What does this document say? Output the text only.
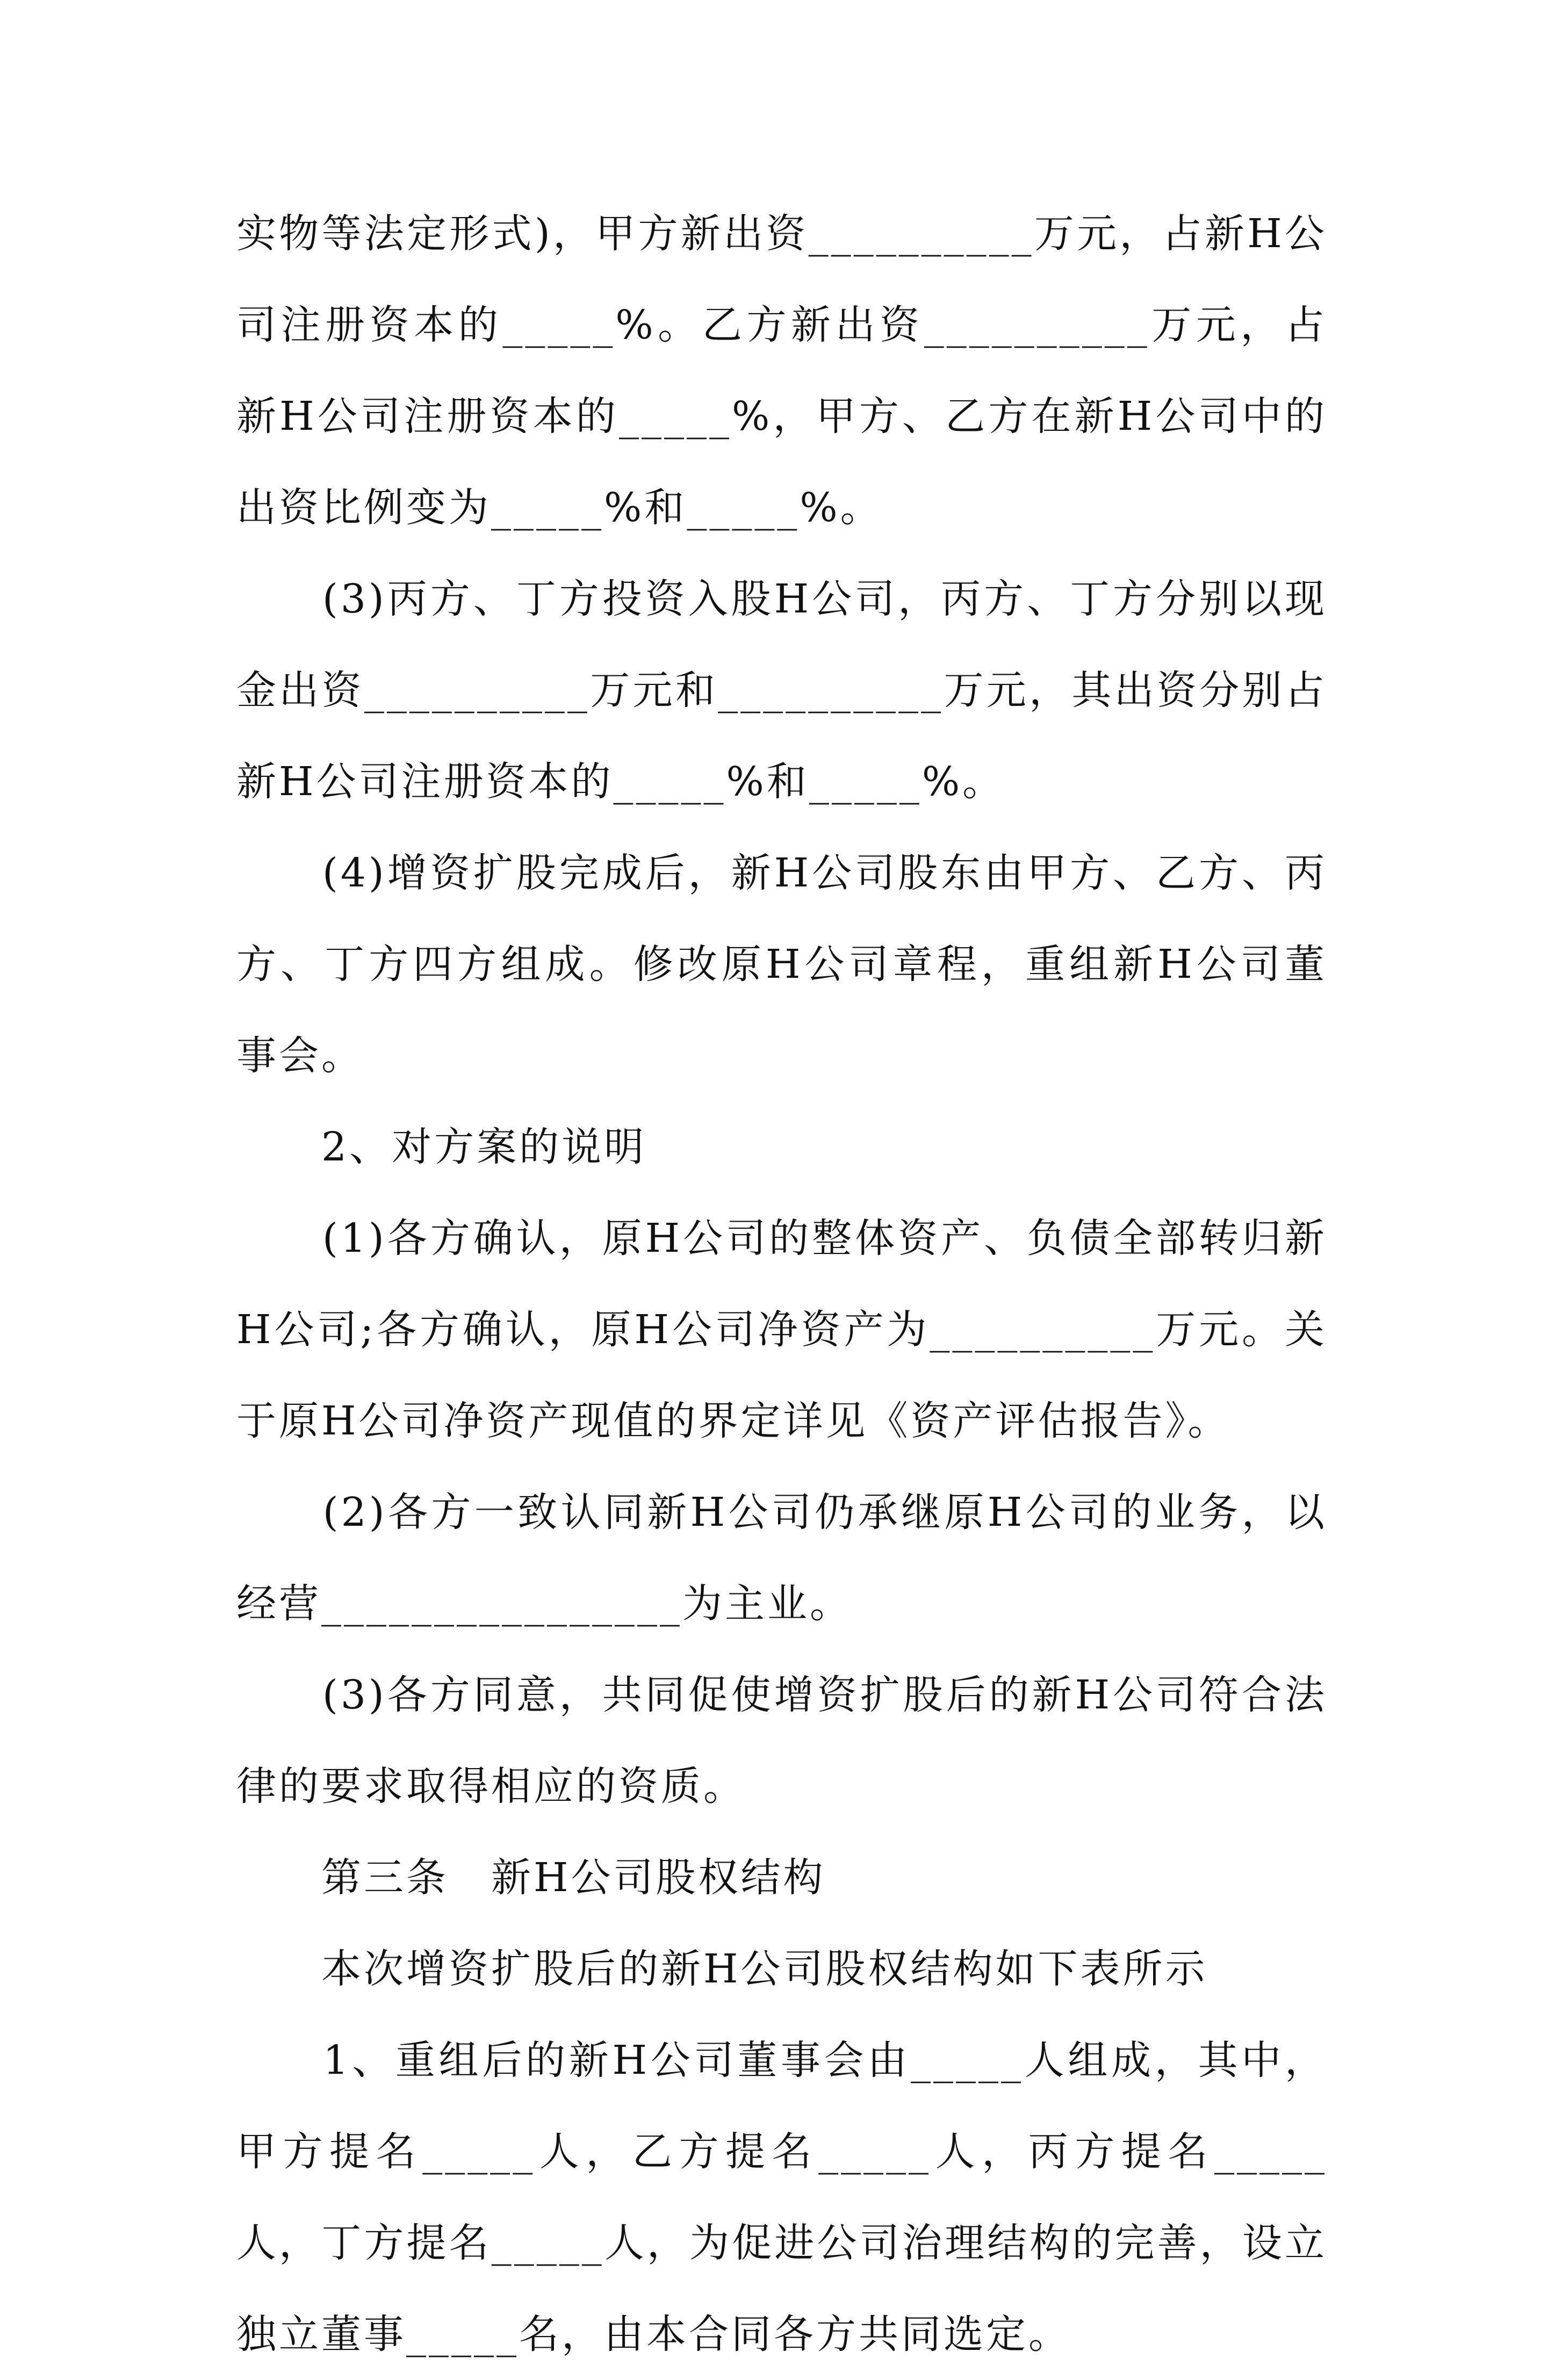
实物等法定形式)，甲方新出资__________万元，占新H公司注册资本的_____%。乙方新出资__________万元，占新H公司注册资本的_____%，甲方、乙方在新H公司中的出资比例变为_____%和_____%。

　　(3)丙方、丁方投资入股H公司，丙方、丁方分别以现金出资__________万元和__________万元，其出资分别占新H公司注册资本的_____%和_____%。

　　(4)增资扩股完成后，新H公司股东由甲方、乙方、丙方、丁方四方组成。修改原H公司章程，重组新H公司董事会。

　　2、对方案的说明

　　(1)各方确认，原H公司的整体资产、负债全部转归新H公司;各方确认，原H公司净资产为__________万元。关于原H公司净资产现值的界定详见《资产评估报告》。

　　(2)各方一致认同新H公司仍承继原H公司的业务，以经营________________为主业。

　　(3)各方同意，共同促使增资扩股后的新H公司符合法律的要求取得相应的资质。

　　第三条　新H公司股权结构

　　本次增资扩股后的新H公司股权结构如下表所示

　　1、重组后的新H公司董事会由_____人组成，其中，甲方提名_____人，乙方提名_____人，丙方提名_____人，丁方提名_____人，为促进公司治理结构的完善，设立独立董事_____名，由本合同各方共同选定。
